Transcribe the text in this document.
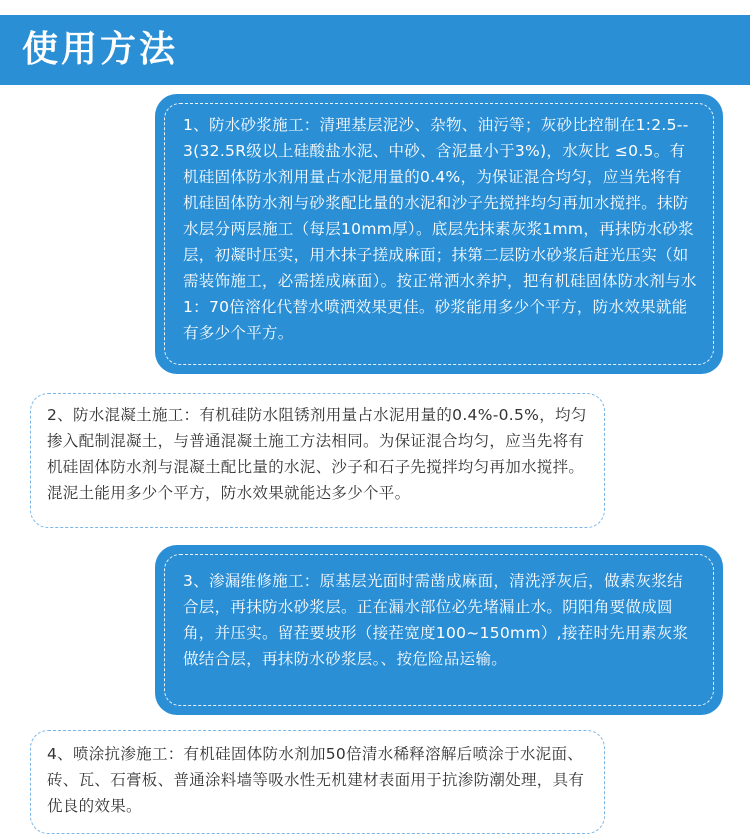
使用方法

1、防水砂浆施工：清理基层泥沙、杂物、油污等；灰砂比控制在1:2.5--3(32.5R级以上硅酸盐水泥、中砂、含泥量小于3%)，水灰比 ≤0.5。有机硅固体防水剂用量占水泥用量的0.4%，为保证混合均匀，应当先将有机硅固体防水剂与砂浆配比量的水泥和沙子先搅拌均匀再加水搅拌。抹防水层分两层施工（每层10mm厚）。底层先抹素灰浆1mm，再抹防水砂浆层，初凝时压实，用木抹子搓成麻面；抹第二层防水砂浆后赶光压实（如需装饰施工，必需搓成麻面）。按正常洒水养护，把有机硅固体防水剂与水1：70倍溶化代替水喷洒效果更佳。砂浆能用多少个平方，防水效果就能有多少个平方。

2、防水混凝土施工：有机硅防水阻锈剂用量占水泥用量的0.4%-0.5%，均匀掺入配制混凝土，与普通混凝土施工方法相同。为保证混合均匀，应当先将有机硅固体防水剂与混凝土配比量的水泥、沙子和石子先搅拌均匀再加水搅拌。 混泥土能用多少个平方，防水效果就能达多少个平。

3、渗漏维修施工：原基层光面时需凿成麻面，清洗浮灰后，做素灰浆结合层，再抹防水砂浆层。正在漏水部位必先堵漏止水。阴阳角要做成圆角，并压实。留茬要坡形（接茬宽度100~150mm）,接茬时先用素灰浆做结合层，再抹防水砂浆层。、按危险品运输。

4、喷涂抗渗施工：有机硅固体防水剂加50倍清水稀释溶解后喷涂于水泥面、砖、瓦、石膏板、普通涂料墙等吸水性无机建材表面用于抗渗防潮处理，具有优良的效果。
